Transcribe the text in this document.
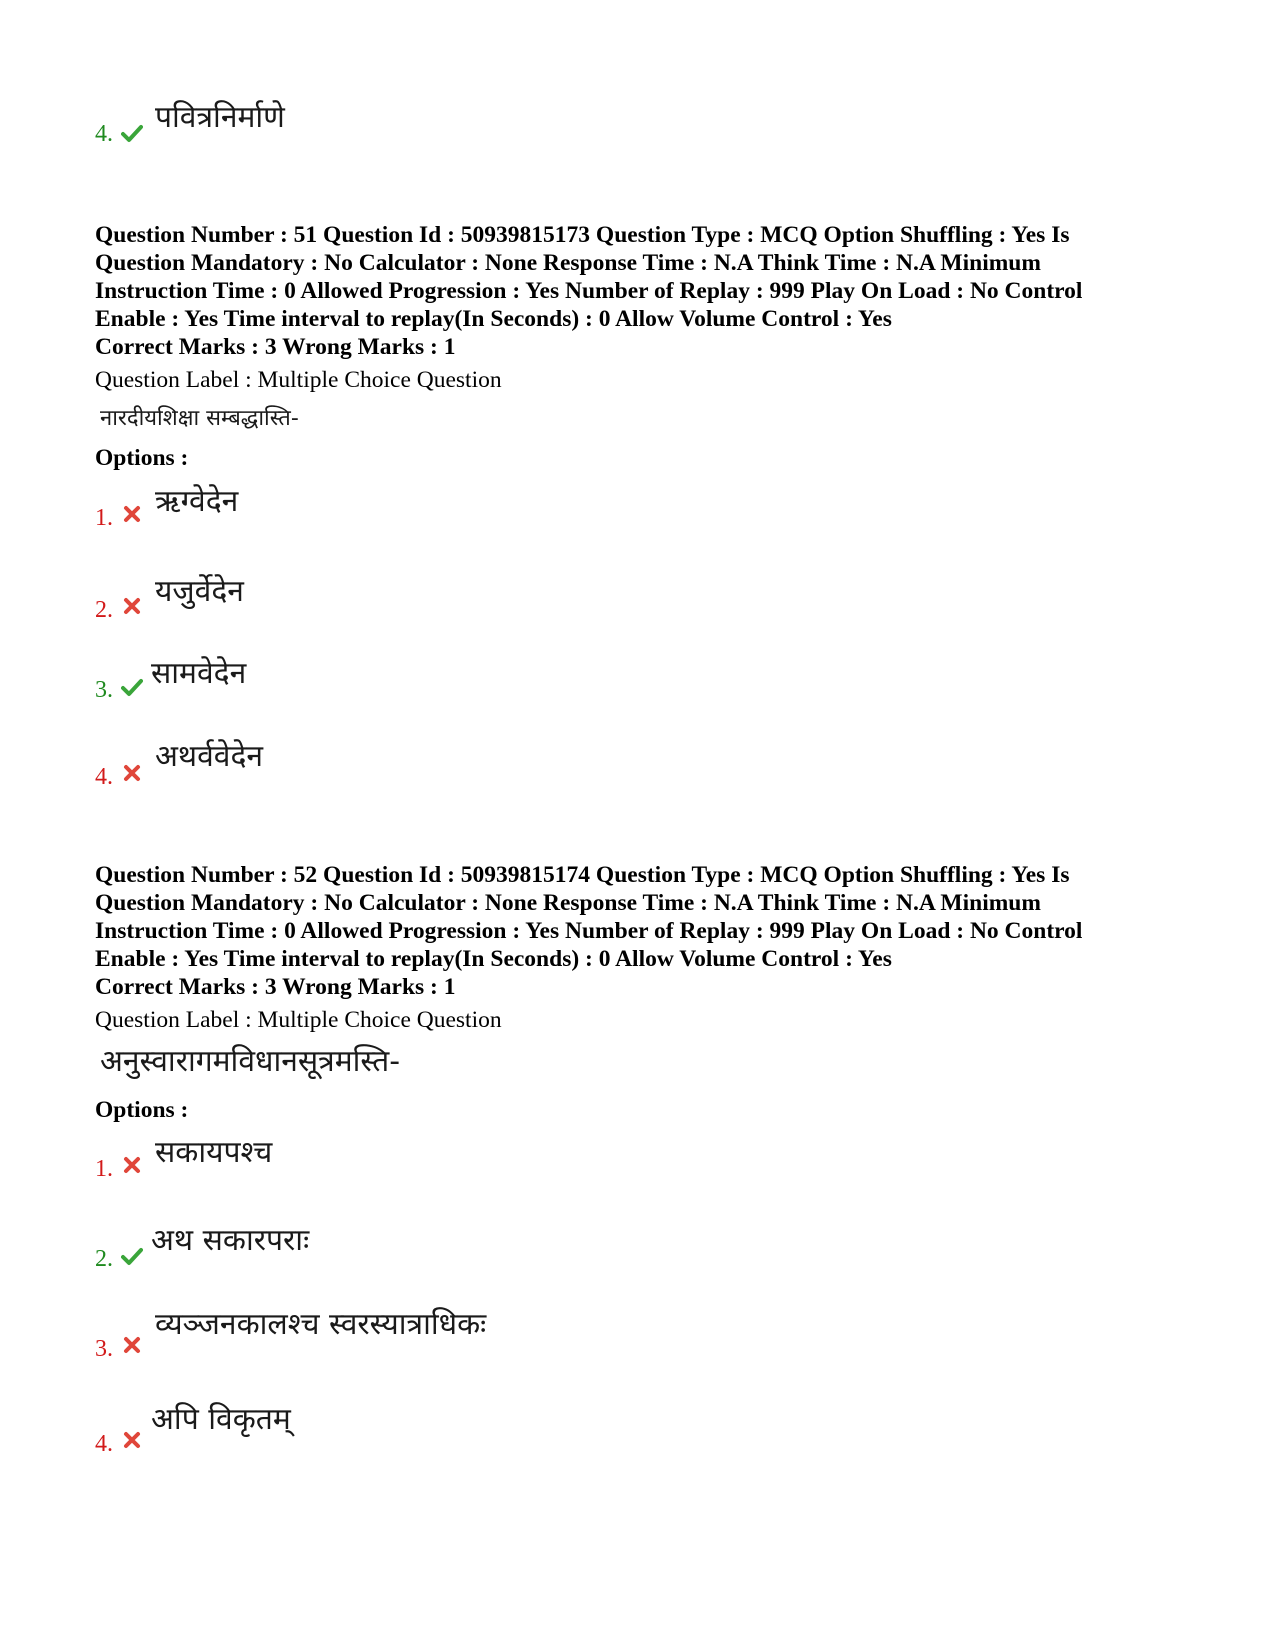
4. पवित्रनिर्माणे
Question Number : 51 Question Id : 50939815173 Question Type : MCQ Option Shuffling : Yes Is
Question Mandatory : No Calculator : None Response Time : N.A Think Time : N.A Minimum
Instruction Time : 0 Allowed Progression : Yes Number of Replay : 999 Play On Load : No Control
Enable : Yes Time interval to replay(In Seconds) : 0 Allow Volume Control : Yes
Correct Marks : 3 Wrong Marks : 1
Question Label : Multiple Choice Question
नारदीयशिक्षा सम्बद्धास्ति-
Options :
1. ऋग्वेदेन
2.
यजुर्वेदेन
3. सामवेदेन
4.
अथर्ववेदेन
Question Number : 52 Question Id : 50939815174 Question Type : MCQ Option Shuffling : Yes Is
Question Mandatory : No Calculator : None Response Time : N.A Think Time : N.A Minimum
Instruction Time : 0 Allowed Progression : Yes Number of Replay : 999 Play On Load : No Control
Enable : Yes Time interval to replay(In Seconds) : 0 Allow Volume Control : Yes
Correct Marks : 3 Wrong Marks : 1
Question Label : Multiple Choice Question
अनुस्वारागमविधानसूत्रमस्ति-
Options :
1. सकायपश्च
2.
अथ सकारपराः
3.
व्यञ्जनकालश्च स्वरस्यात्राधिकः
4.
अपि विकृतम्
